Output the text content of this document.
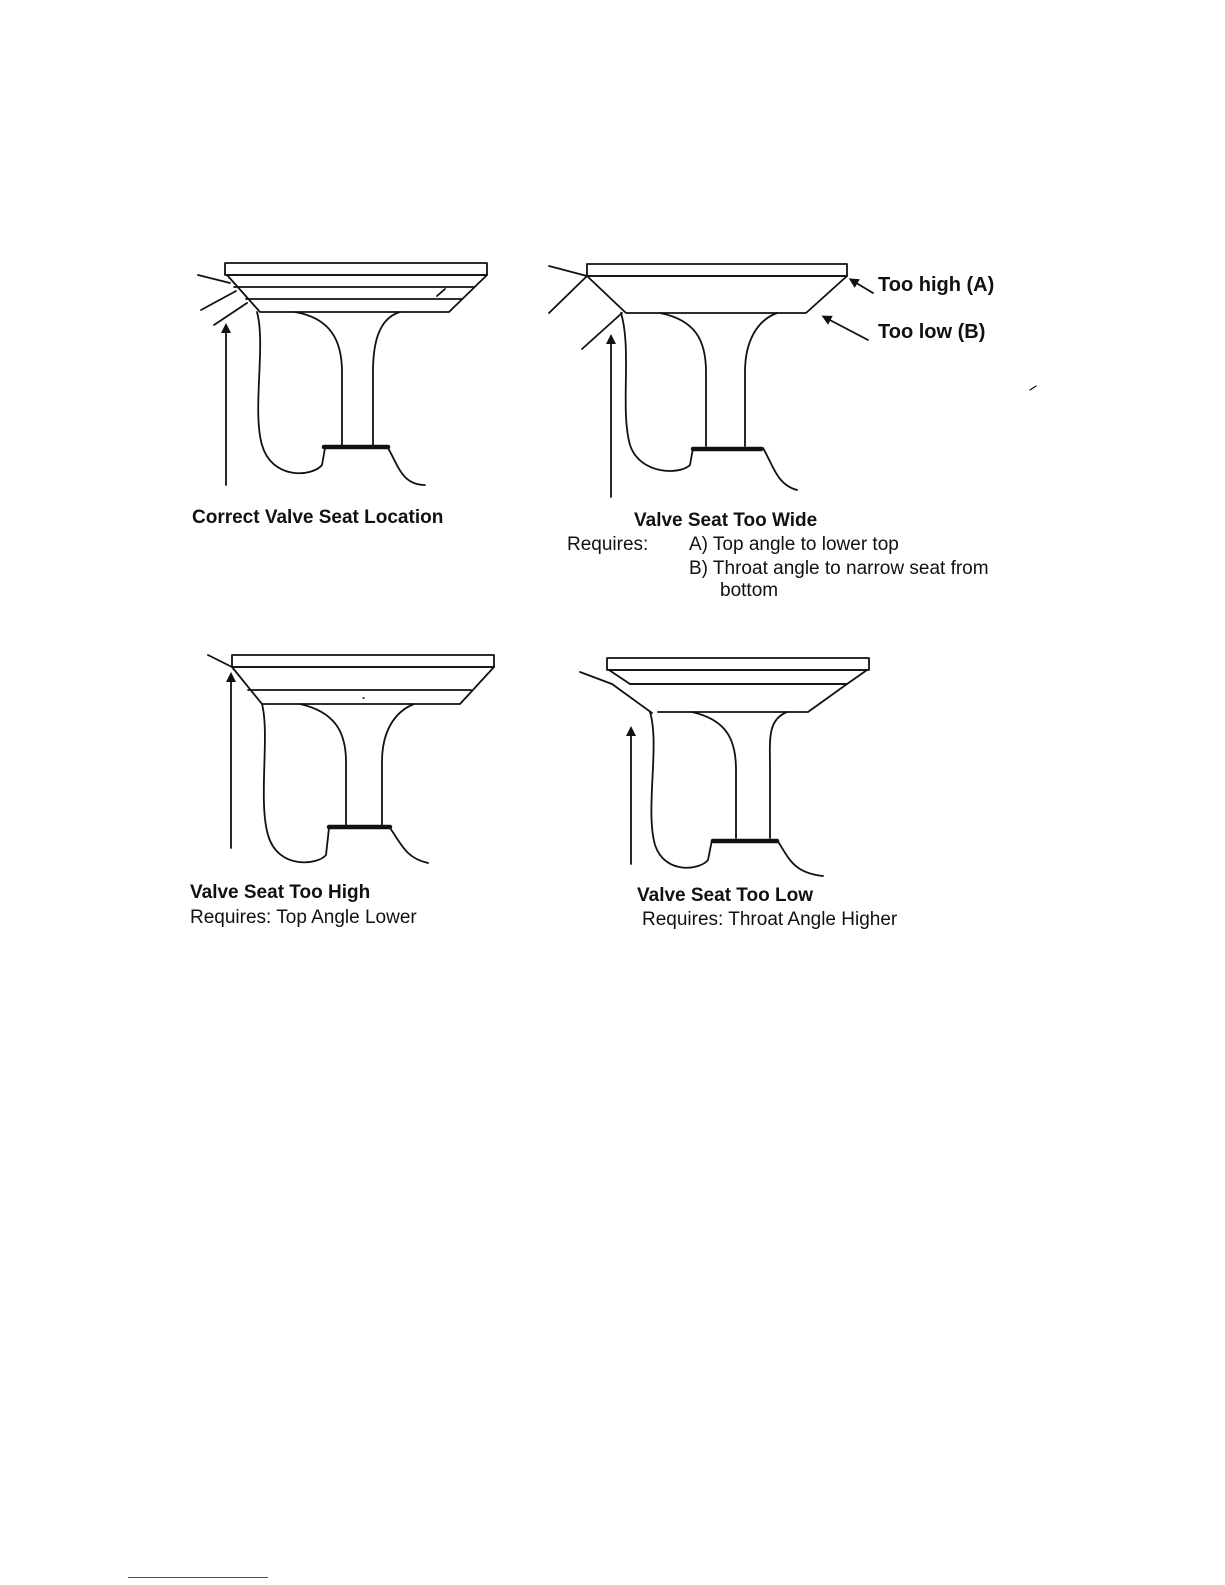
Correct Valve Seat Location
Too high (A)
Too low (B)
Valve Seat Too Wide
Requires: A) Top angle to lower top
B) Throat angle to narrow seat from
bottom
Valve Seat Too High
Requires: Top Angle Lower
Valve Seat Too Low
Requires: Throat Angle Higher
